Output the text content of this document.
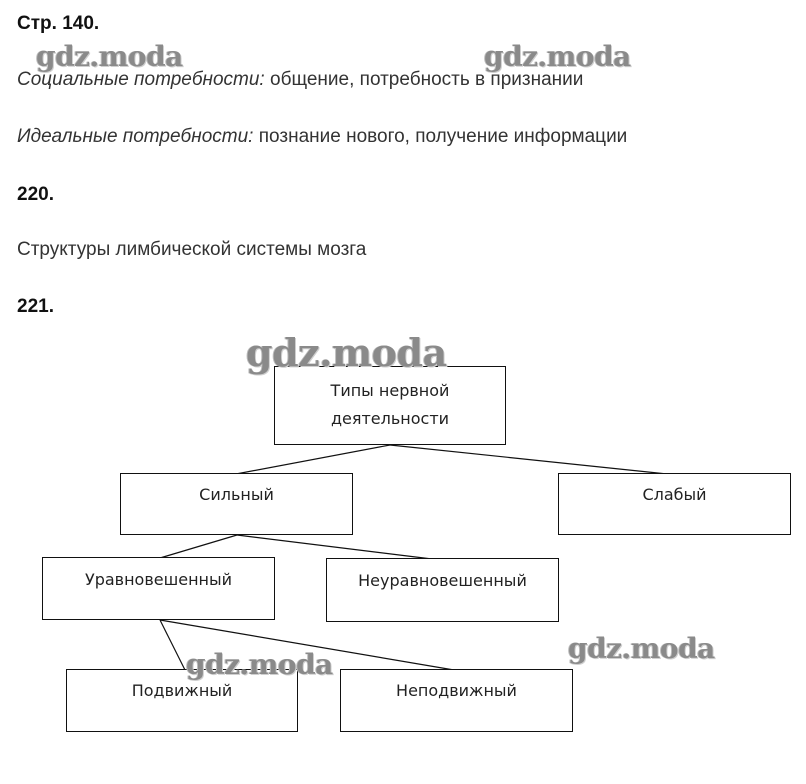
Стр. 140.

Социальные потребности: общение, потребность в признании

Идеальные потребности: познание нового, получение информации

220.

Структуры лимбической системы мозга

221.

Типы нервной
деятельности
Сильный	Слабый
Уравновешенный	Неуравновешенный
Подвижный	Неподвижный
gdz.moda	gdz.moda
gdz.moda
gdz.moda
gdz.moda
